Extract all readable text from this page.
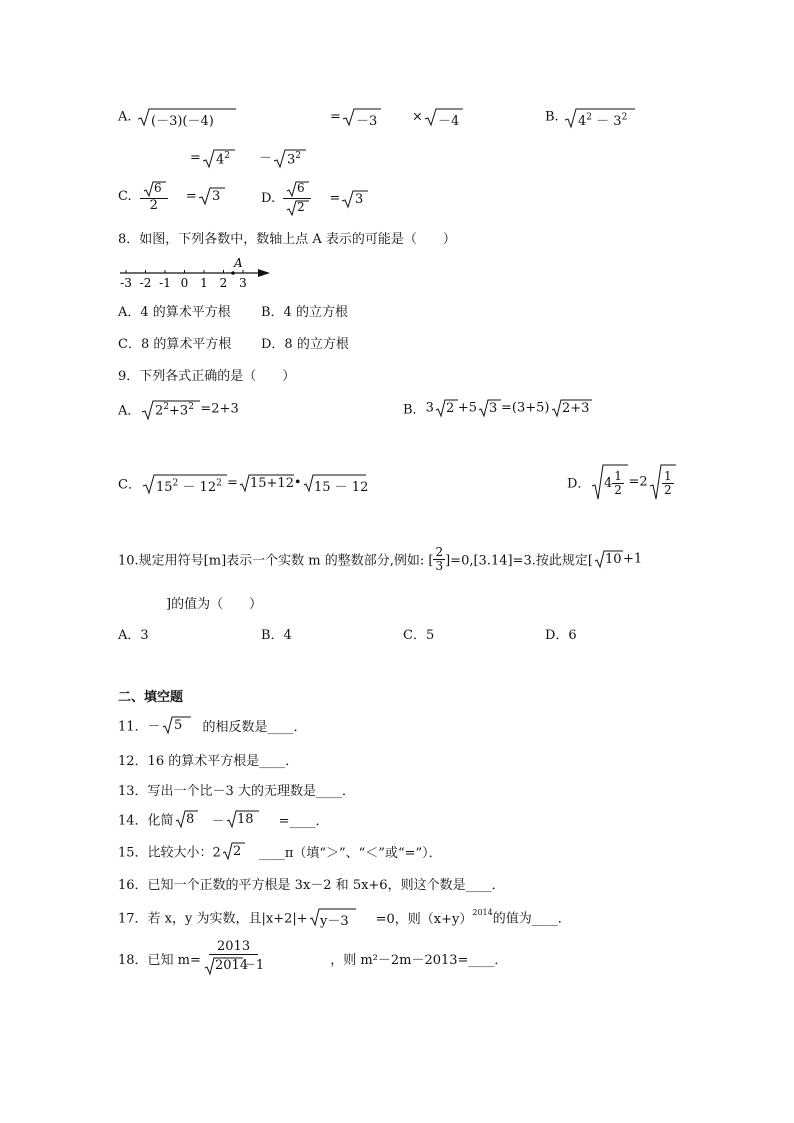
A. (－3)(－4)	= －3	× －4	B. $4^2 - 3^2$
= $4^2$	－ $3^2$
C. $\frac{6}{2} = 3$	D. $\frac{6}{2} = 3$
8．如图，下列各数中，数轴上点 A 表示的可能是（　　）
-3 -2 -1 0 1 2 3
A
A．4 的算术平方根 B．4 的立方根
C．8 的算术平方根 D．8 的立方根
9．下列各式正确的是（　　）
A． $2^2+3^2 =2+3$	B．3 2 +5 3 =(3+5) 2+3
C． $15^2 - 12^2 = 15+12$ • 15 － 12	D． $4 \frac{1}{2} =2 \frac{1}{2}$
10.规定用符号[m]表示一个实数 m 的整数部分,例如: [ $\frac{2}{3} ]=0,[3.14]=3$.按此规定[ 10 +1
]的值为（　　）
A．3	B．4	C．5	D．6
二、填空题
11．－ 5	的相反数是____．
12．16 的算术平方根是____．
13．写出一个比－3 大的无理数是____．
14．化简 8 － 18	=____．
15．比较大小：2 2 ____π（填“＞”、“＜”或“=”）．
16．已知一个正数的平方根是 3x－2 和 5x+6，则这个数是____．
17．若 x，y 为实数，且|x+2|+ y－3	=0，则$(x+y)^{2014}$的值为____．
18．已知 m= 2013
2014
－1	，则 m²－2m－2013=____．
